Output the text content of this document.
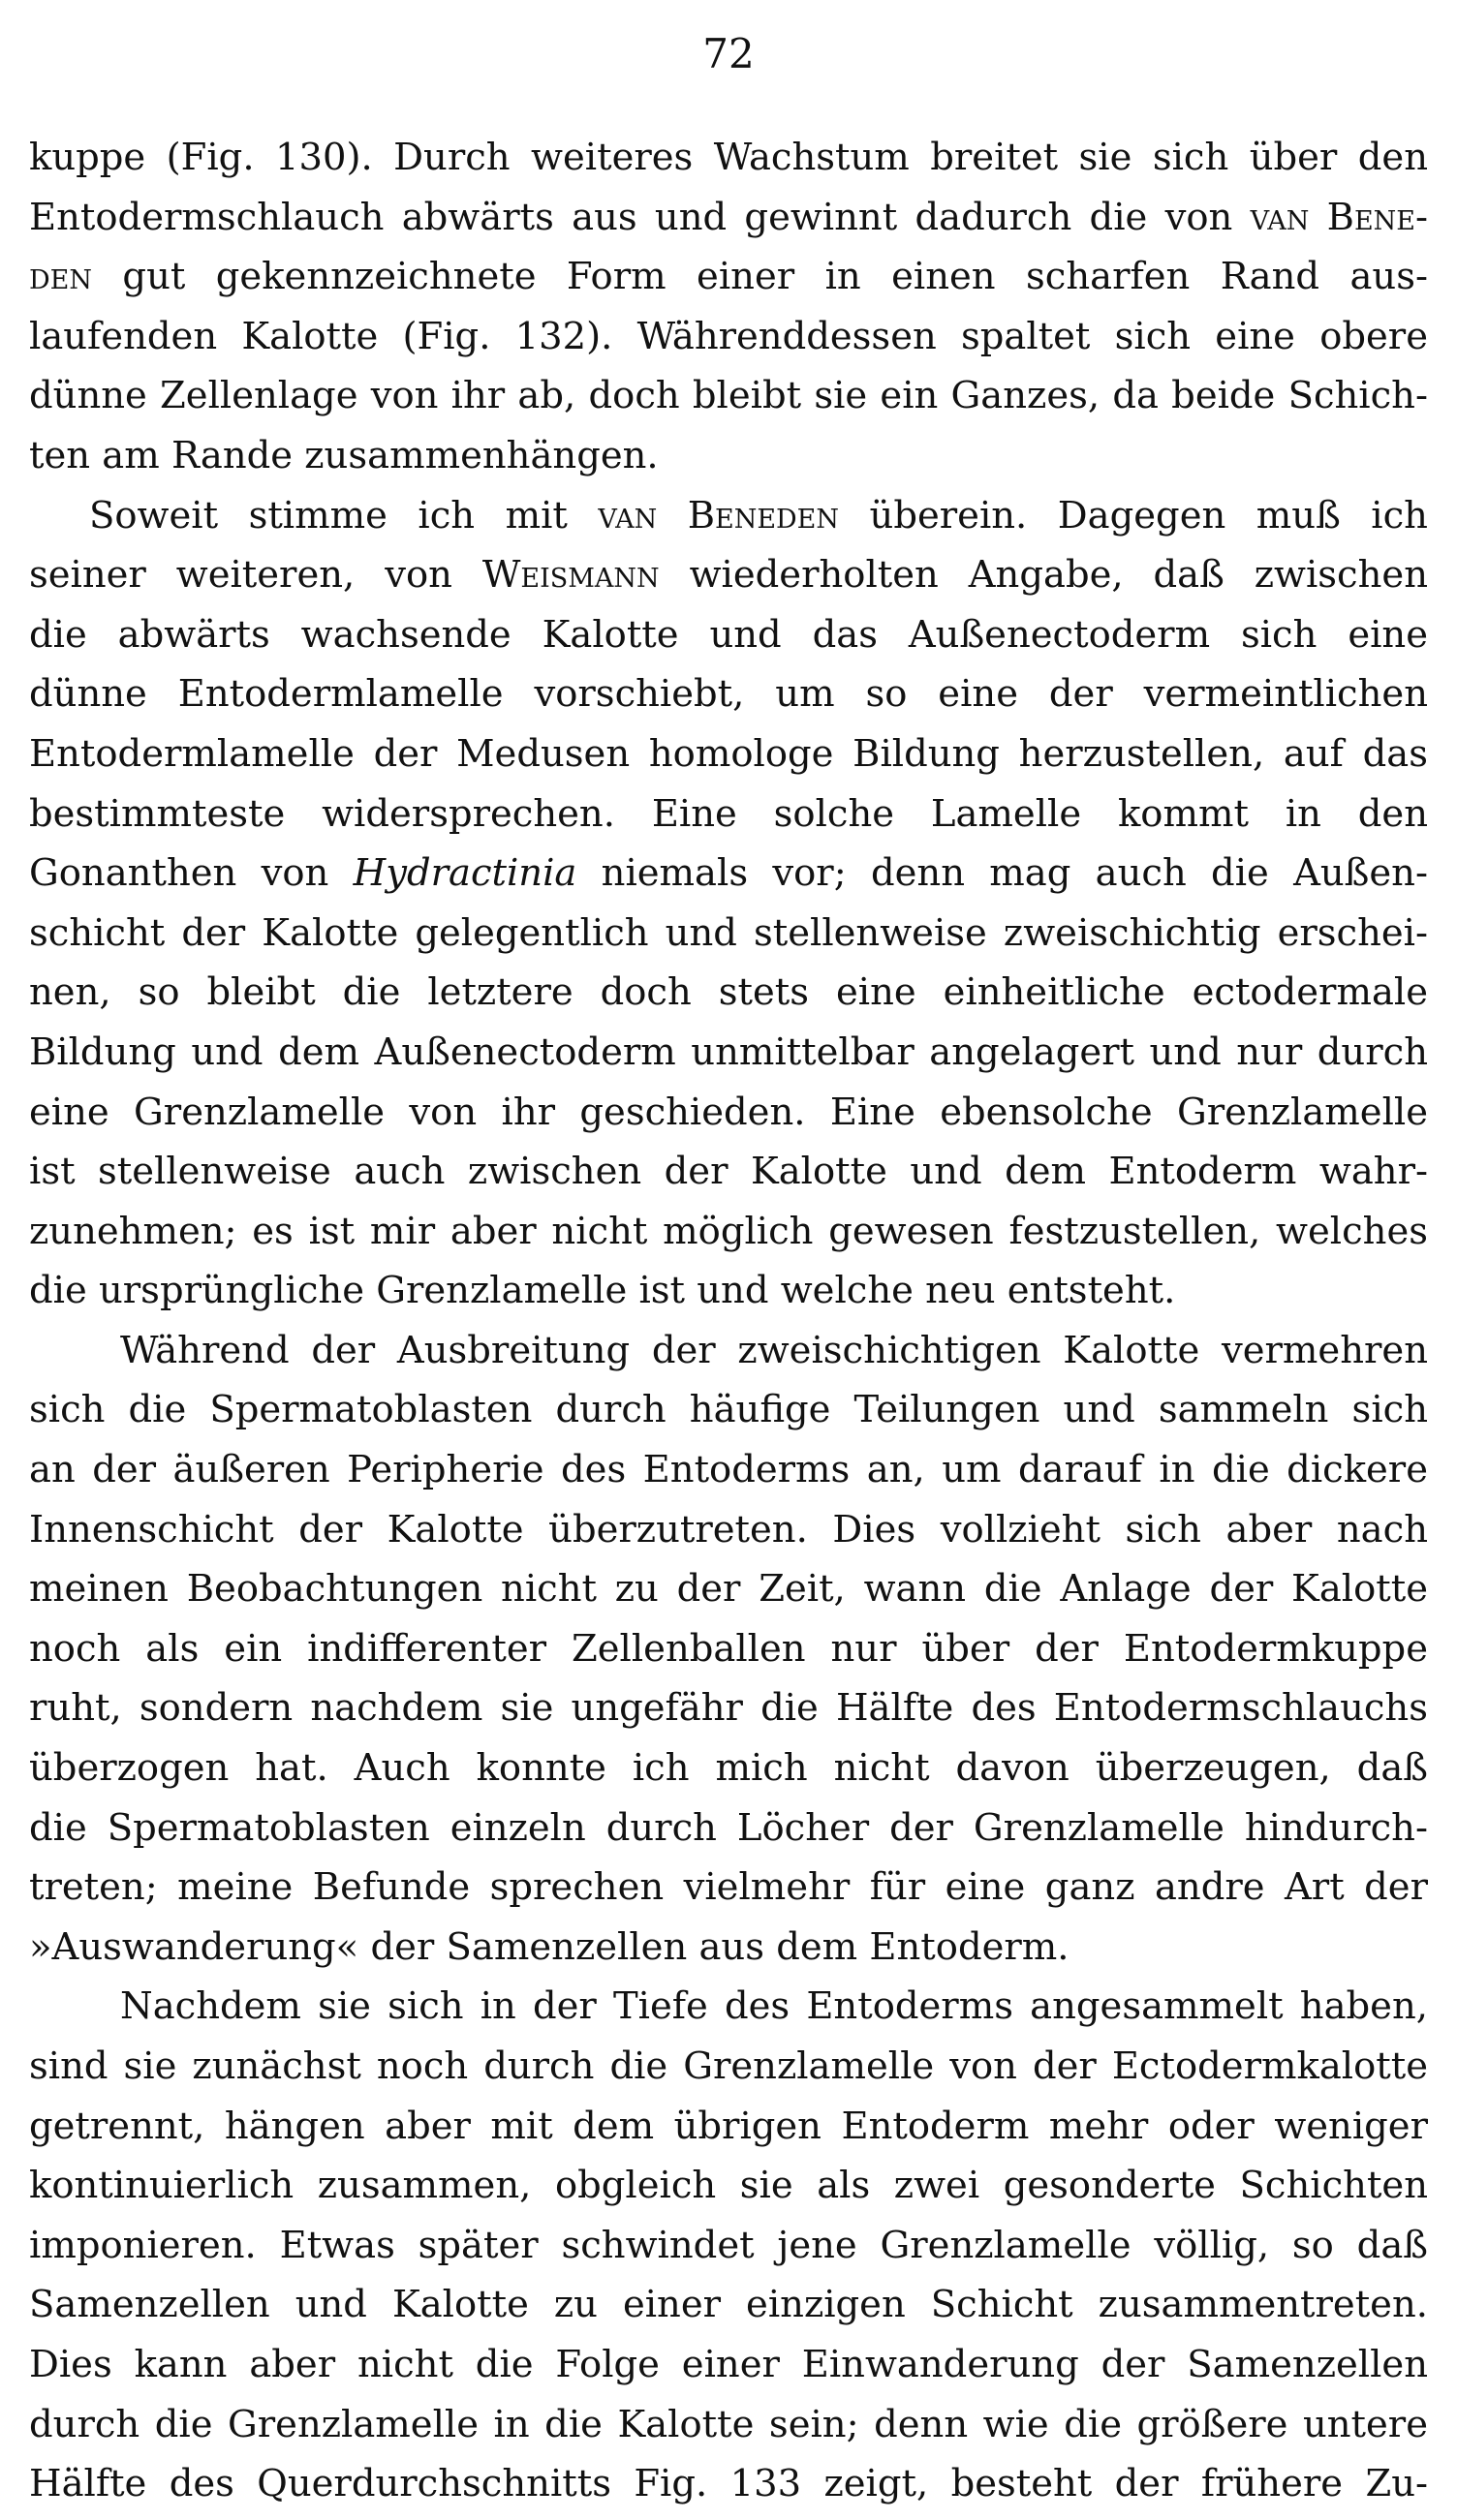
72
kuppe (Fig. 130). Durch weiteres Wachstum breitet sie sich über den
Entodermschlauch abwärts aus und gewinnt dadurch die von van Bene-
den gut gekennzeichnete Form einer in einen scharfen Rand aus-
laufenden Kalotte (Fig. 132). Währenddessen spaltet sich eine obere
dünne Zellenlage von ihr ab, doch bleibt sie ein Ganzes, da beide Schich-
ten am Rande zusammenhängen.
Soweit stimme ich mit van Beneden überein. Dagegen muß ich
seiner weiteren, von Weismann wiederholten Angabe, daß zwischen
die abwärts wachsende Kalotte und das Außenectoderm sich eine
dünne Entodermlamelle vorschiebt, um so eine der vermeintlichen
Entodermlamelle der Medusen homologe Bildung herzustellen, auf das
bestimmteste widersprechen. Eine solche Lamelle kommt in den
Gonanthen von Hydractinia niemals vor; denn mag auch die Außen-
schicht der Kalotte gelegentlich und stellenweise zweischichtig erschei-
nen, so bleibt die letztere doch stets eine einheitliche ectodermale
Bildung und dem Außenectoderm unmittelbar angelagert und nur durch
eine Grenzlamelle von ihr geschieden. Eine ebensolche Grenzlamelle
ist stellenweise auch zwischen der Kalotte und dem Entoderm wahr-
zunehmen; es ist mir aber nicht möglich gewesen festzustellen, welches
die ursprüngliche Grenzlamelle ist und welche neu entsteht.
Während der Ausbreitung der zweischichtigen Kalotte vermehren
sich die Spermatoblasten durch häufige Teilungen und sammeln sich
an der äußeren Peripherie des Entoderms an, um darauf in die dickere
Innenschicht der Kalotte überzutreten. Dies vollzieht sich aber nach
meinen Beobachtungen nicht zu der Zeit, wann die Anlage der Kalotte
noch als ein indifferenter Zellenballen nur über der Entodermkuppe
ruht, sondern nachdem sie ungefähr die Hälfte des Entodermschlauchs
überzogen hat. Auch konnte ich mich nicht davon überzeugen, daß
die Spermatoblasten einzeln durch Löcher der Grenzlamelle hindurch-
treten; meine Befunde sprechen vielmehr für eine ganz andre Art der
»Auswanderung« der Samenzellen aus dem Entoderm.
Nachdem sie sich in der Tiefe des Entoderms angesammelt haben,
sind sie zunächst noch durch die Grenzlamelle von der Ectodermkalotte
getrennt, hängen aber mit dem übrigen Entoderm mehr oder weniger
kontinuierlich zusammen, obgleich sie als zwei gesonderte Schichten
imponieren. Etwas später schwindet jene Grenzlamelle völlig, so daß
Samenzellen und Kalotte zu einer einzigen Schicht zusammentreten.
Dies kann aber nicht die Folge einer Einwanderung der Samenzellen
durch die Grenzlamelle in die Kalotte sein; denn wie die größere untere
Hälfte des Querdurchschnitts Fig. 133 zeigt, besteht der frühere Zu-
